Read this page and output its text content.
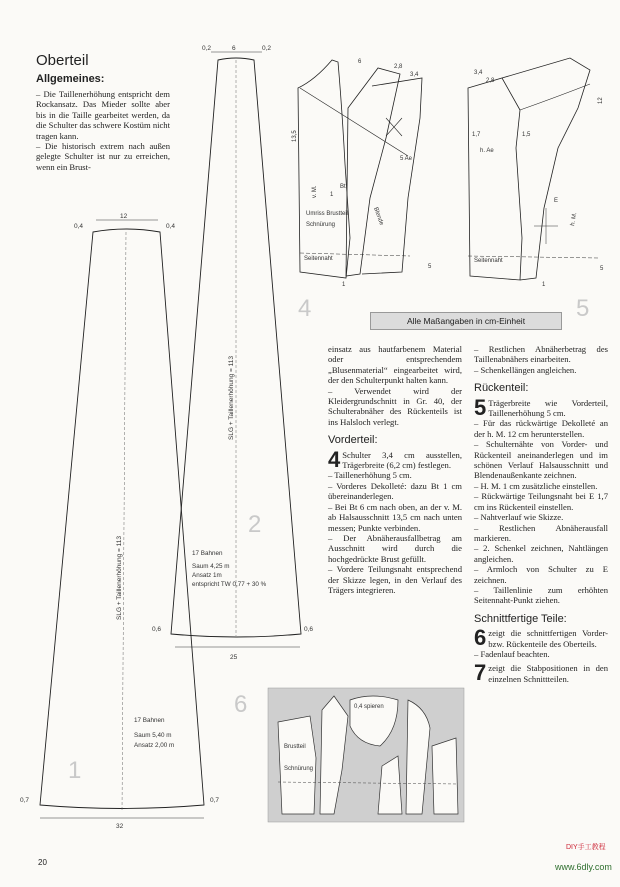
Oberteil
Allgemeines:

– Die Taillenerhöhung entspricht dem Rockansatz. Das Mieder sollte aber bis in die Taille gearbeitet werden, da die Schulter das schwere Kostüm nicht tragen kann.

– Die historisch extrem nach außen gelegte Schulter ist nur zu erreichen, wenn ein Brust-

6
0,2	0,2
25
0,6	0,6
SLG + Taillenerhöhung = 113
17 Bahnen
Saum 4,25 m
Ansatz 1m
entspricht TW 0,77 + 30 %
2
12
0,4	0,4
32
0,7	0,7
SLG + Taillenerhöhung = 113
17 Bahnen
Saum 5,40 m
Ansatz 2,00 m
1
2,8
6
3,4
13,5
v. M.	Bt
1
Umriss Brustteil
Schnürung	Blende
5 Ae
Seitennaht
5
1
4
3,4
2,8
12
1,7	1,5
h. Ae
h. M.
Seitennaht
1
5
E
5
Alle Maßangaben in cm-Einheit

einsatz aus hautfarbenem Material oder entsprechendem „Blusenmaterial“ eingearbeitet wird, der den Schulterpunkt halten kann.

– Verwendet wird der Kleidergrundschnitt in Gr. 40, der Schulterabnäher des Rückenteils ist ins Halsloch verlegt.

Vorderteil:

4 Schulter 3,4 cm ausstellen, Trägerbreite (6,2 cm) festlegen.

– Taillenerhöhung 5 cm.

– Vorderes Dekolleté: dazu Bt 1 cm übereinanderlegen.

– Bei Bt 6 cm nach oben, an der v. M. ab Halsausschnitt 13,5 cm nach unten messen; Punkte verbinden.

– Der Abnäherausfallbetrag am Ausschnitt wird durch die hochgedrückte Brust gefüllt.

– Vordere Teilungsnaht entsprechend der Skizze legen, in den Verlauf des Trägers integrieren.

– Restlichen Abnäherbetrag des Taillenabnähers einarbeiten.

– Schenkellängen angleichen.

Rückenteil:

5 Trägerbreite wie Vorderteil, Taillenerhöhung 5 cm.

– Für das rückwärtige Dekolleté an der h. M. 12 cm herunterstellen.

– Schulternähte von Vorder- und Rückenteil aneinanderlegen und im schönen Verlauf Halsausschnitt und Blendenaußenkante zeichnen.

– H. M. 1 cm zusätzliche einstellen.

– Rückwärtige Teilungsnaht bei E 1,7 cm ins Rückenteil einstellen.

– Nahtverlauf wie Skizze.

– Restlichen Abnäherausfall markieren.

– 2. Schenkel zeichnen, Nahtlängen angleichen.

– Armloch von Schulter zu E zeichnen.

– Taillenlinie zum erhöhten Seitennaht-Punkt ziehen.

Schnittfertige Teile:

6 zeigt die schnittfertigen Vorder- bzw. Rückenteile des Oberteils.

– Fadenlauf beachten.

7 zeigt die Stabpositionen in den einzelnen Schnittteilen.

6	0,4 spieren
Brustteil
Schnürung
20
DIY手工教程
www.6dly.com
